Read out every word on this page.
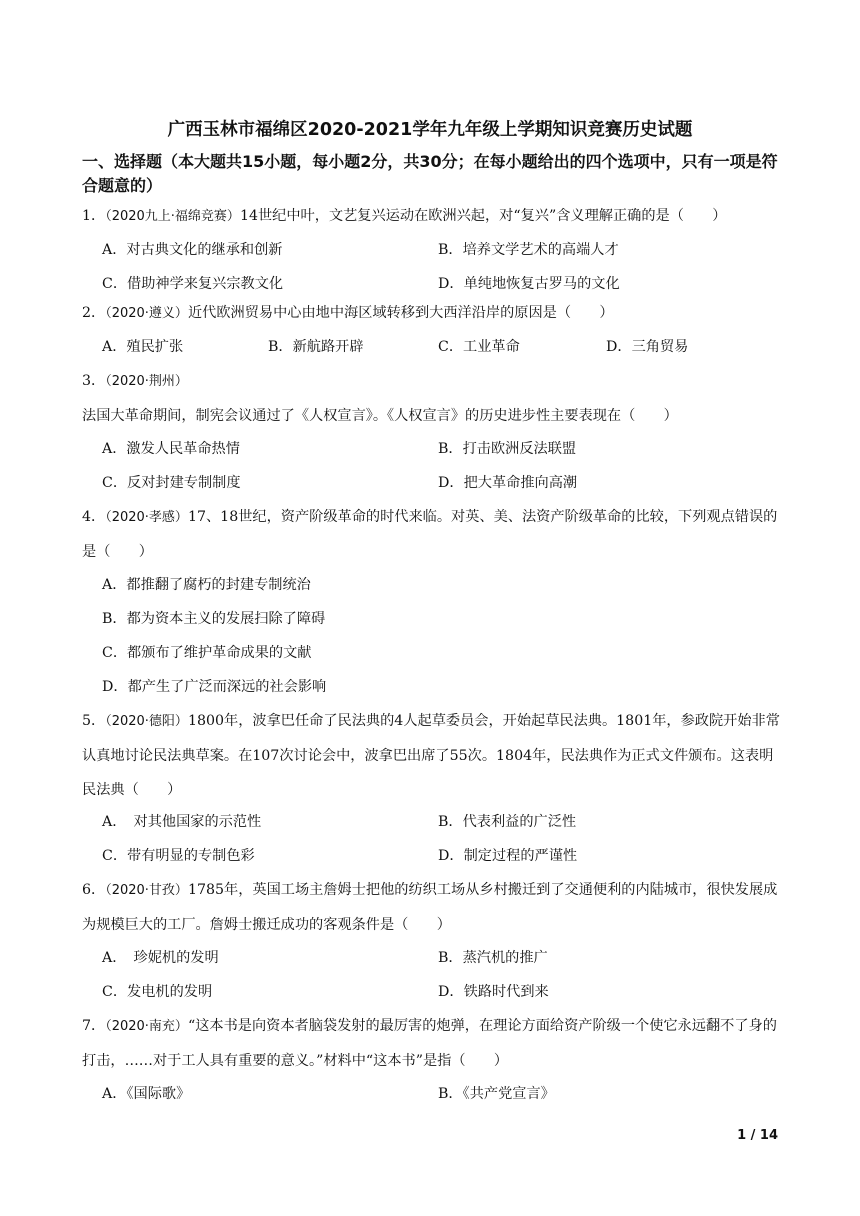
广西玉林市福绵区2020-2021学年九年级上学期知识竞赛历史试题
一、选择题（本大题共15小题，每小题2分，共30分；在每小题给出的四个选项中，只有一项是符合题意的）
1．（2020九上·福绵竞赛）14世纪中叶，文艺复兴运动在欧洲兴起，对“复兴”含义理解正确的是（　　）
A．对古典文化的继承和创新	B．培养文学艺术的高端人才
C．借助神学来复兴宗教文化	D．单纯地恢复古罗马的文化
2．（2020·遵义）近代欧洲贸易中心由地中海区域转移到大西洋沿岸的原因是（　　）
A．殖民扩张	B．新航路开辟	C．工业革命	D．三角贸易
3．（2020·荆州）法国大革命期间，制宪会议通过了《人权宣言》。《人权宣言》的历史进步性主要表现在（　　）
A．激发人民革命热情	B．打击欧洲反法联盟
C．反对封建专制制度	D．把大革命推向高潮
4．（2020·孝感）17、18世纪，资产阶级革命的时代来临。对英、美、法资产阶级革命的比较，下列观点错误的是（　　）
A．都推翻了腐朽的封建专制统治
B．都为资本主义的发展扫除了障碍
C．都颁布了维护革命成果的文献
D．都产生了广泛而深远的社会影响
5．（2020·德阳）1800年，波拿巴任命了民法典的4人起草委员会，开始起草民法典。1801年，参政院开始非常认真地讨论民法典草案。在107次讨论会中，波拿巴出席了55次。1804年，民法典作为正式文件颁布。这表明民法典（　　）
A．　对其他国家的示范性	B．代表利益的广泛性
C．带有明显的专制色彩	D．制定过程的严谨性
6．（2020·甘孜）1785年，英国工场主詹姆士把他的纺织工场从乡村搬迁到了交通便利的内陆城市，很快发展成为规模巨大的工厂。詹姆士搬迁成功的客观条件是（　　）
A．　珍妮机的发明	B．蒸汽机的推广
C．发电机的发明	D．铁路时代到来
7．（2020·南充）“这本书是向资本者脑袋发射的最厉害的炮弹，在理论方面给资产阶级一个使它永远翻不了身的打击，……对于工人具有重要的意义。”材料中“这本书”是指（　　）
A．《国际歌》	B．《共产党宣言》
1 / 14
